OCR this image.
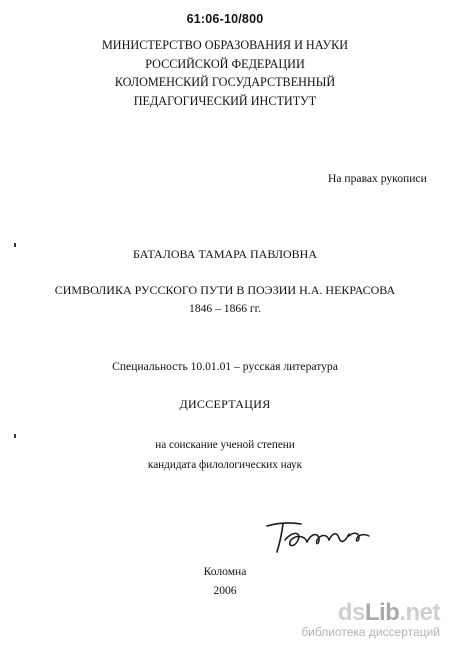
61:06-10/800
МИНИСТЕРСТВО ОБРАЗОВАНИЯ И НАУКИ
РОССИЙСКОЙ ФЕДЕРАЦИИ
КОЛОМЕНСКИЙ ГОСУДАРСТВЕННЫЙ
ПЕДАГОГИЧЕСКИЙ ИНСТИТУТ
На правах рукописи
БАТАЛОВА ТАМАРА ПАВЛОВНА
СИМВОЛИКА РУССКОГО ПУТИ В ПОЭЗИИ Н.А. НЕКРАСОВА
1846 – 1866 гг.
Специальность 10.01.01 – русская литература
ДИССЕРТАЦИЯ
на соискание ученой степени
кандидата филологических наук
Коломна
2006
dsLib.net
библиотека диссертаций
